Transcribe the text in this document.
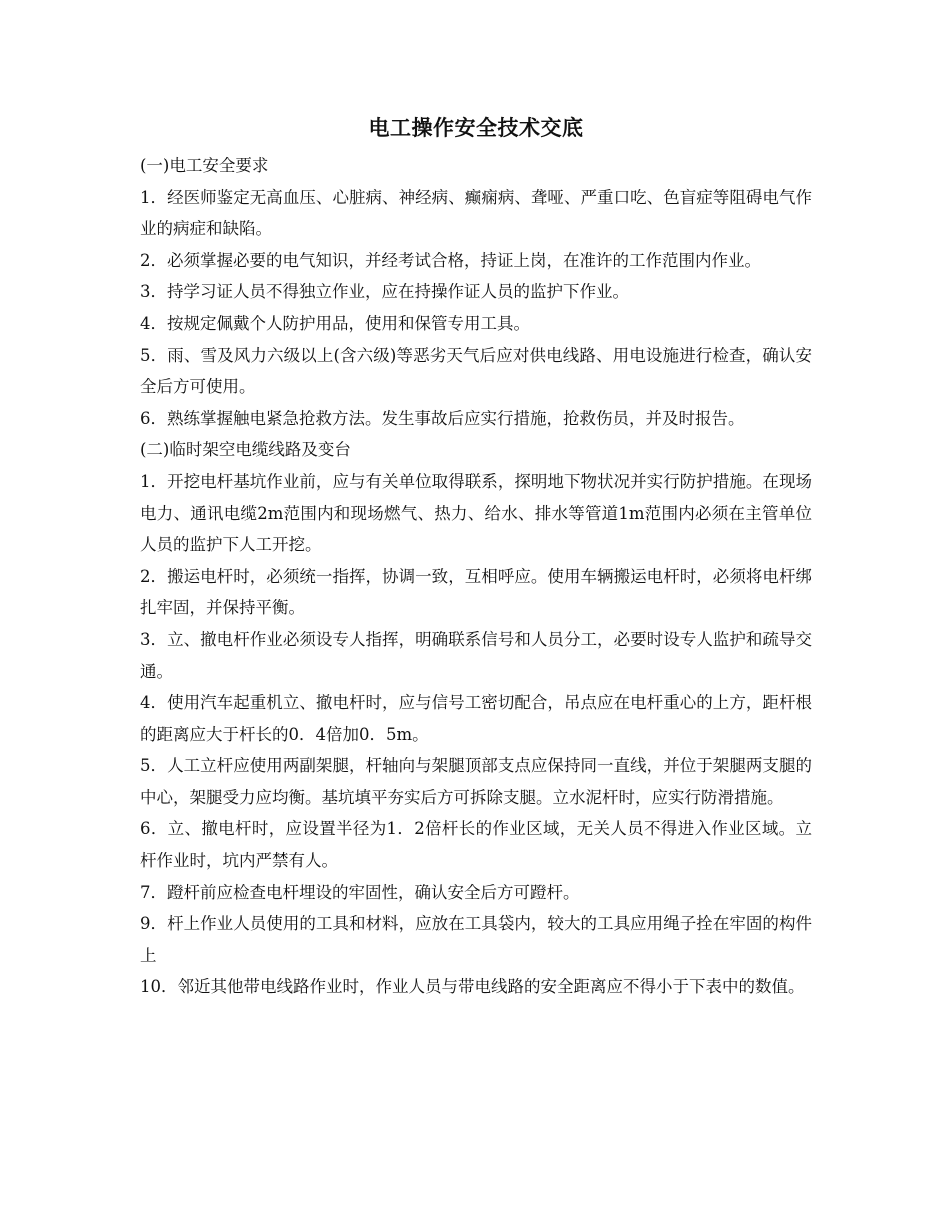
电工操作安全技术交底

(一)电工安全要求

1．经医师鉴定无高血压、心脏病、神经病、癫痫病、聋哑、严重口吃、色盲症等阻碍电气作业的病症和缺陷。

2．必须掌握必要的电气知识，并经考试合格，持证上岗，在准许的工作范围内作业。

3．持学习证人员不得独立作业，应在持操作证人员的监护下作业。

4．按规定佩戴个人防护用品，使用和保管专用工具。

5．雨、雪及风力六级以上(含六级)等恶劣天气后应对供电线路、用电设施进行检查，确认安全后方可使用。

6．熟练掌握触电紧急抢救方法。发生事故后应实行措施，抢救伤员，并及时报告。

(二)临时架空电缆线路及变台

1．开挖电杆基坑作业前，应与有关单位取得联系，探明地下物状况并实行防护措施。在现场电力、通讯电缆2m范围内和现场燃气、热力、给水、排水等管道1m范围内必须在主管单位人员的监护下人工开挖。

2．搬运电杆时，必须统一指挥，协调一致，互相呼应。使用车辆搬运电杆时，必须将电杆绑扎牢固，并保持平衡。

3．立、撤电杆作业必须设专人指挥，明确联系信号和人员分工，必要时设专人监护和疏导交通。

4．使用汽车起重机立、撤电杆时，应与信号工密切配合，吊点应在电杆重心的上方，距杆根的距离应大于杆长的0．4倍加0．5m。

5．人工立杆应使用两副架腿，杆轴向与架腿顶部支点应保持同一直线，并位于架腿两支腿的中心，架腿受力应均衡。基坑填平夯实后方可拆除支腿。立水泥杆时，应实行防滑措施。

6．立、撤电杆时，应设置半径为1．2倍杆长的作业区域，无关人员不得进入作业区域。立杆作业时，坑内严禁有人。

7．蹬杆前应检查电杆埋设的牢固性，确认安全后方可蹬杆。

9．杆上作业人员使用的工具和材料，应放在工具袋内，较大的工具应用绳子拴在牢固的构件上

10．邻近其他带电线路作业时，作业人员与带电线路的安全距离应不得小于下表中的数值。
